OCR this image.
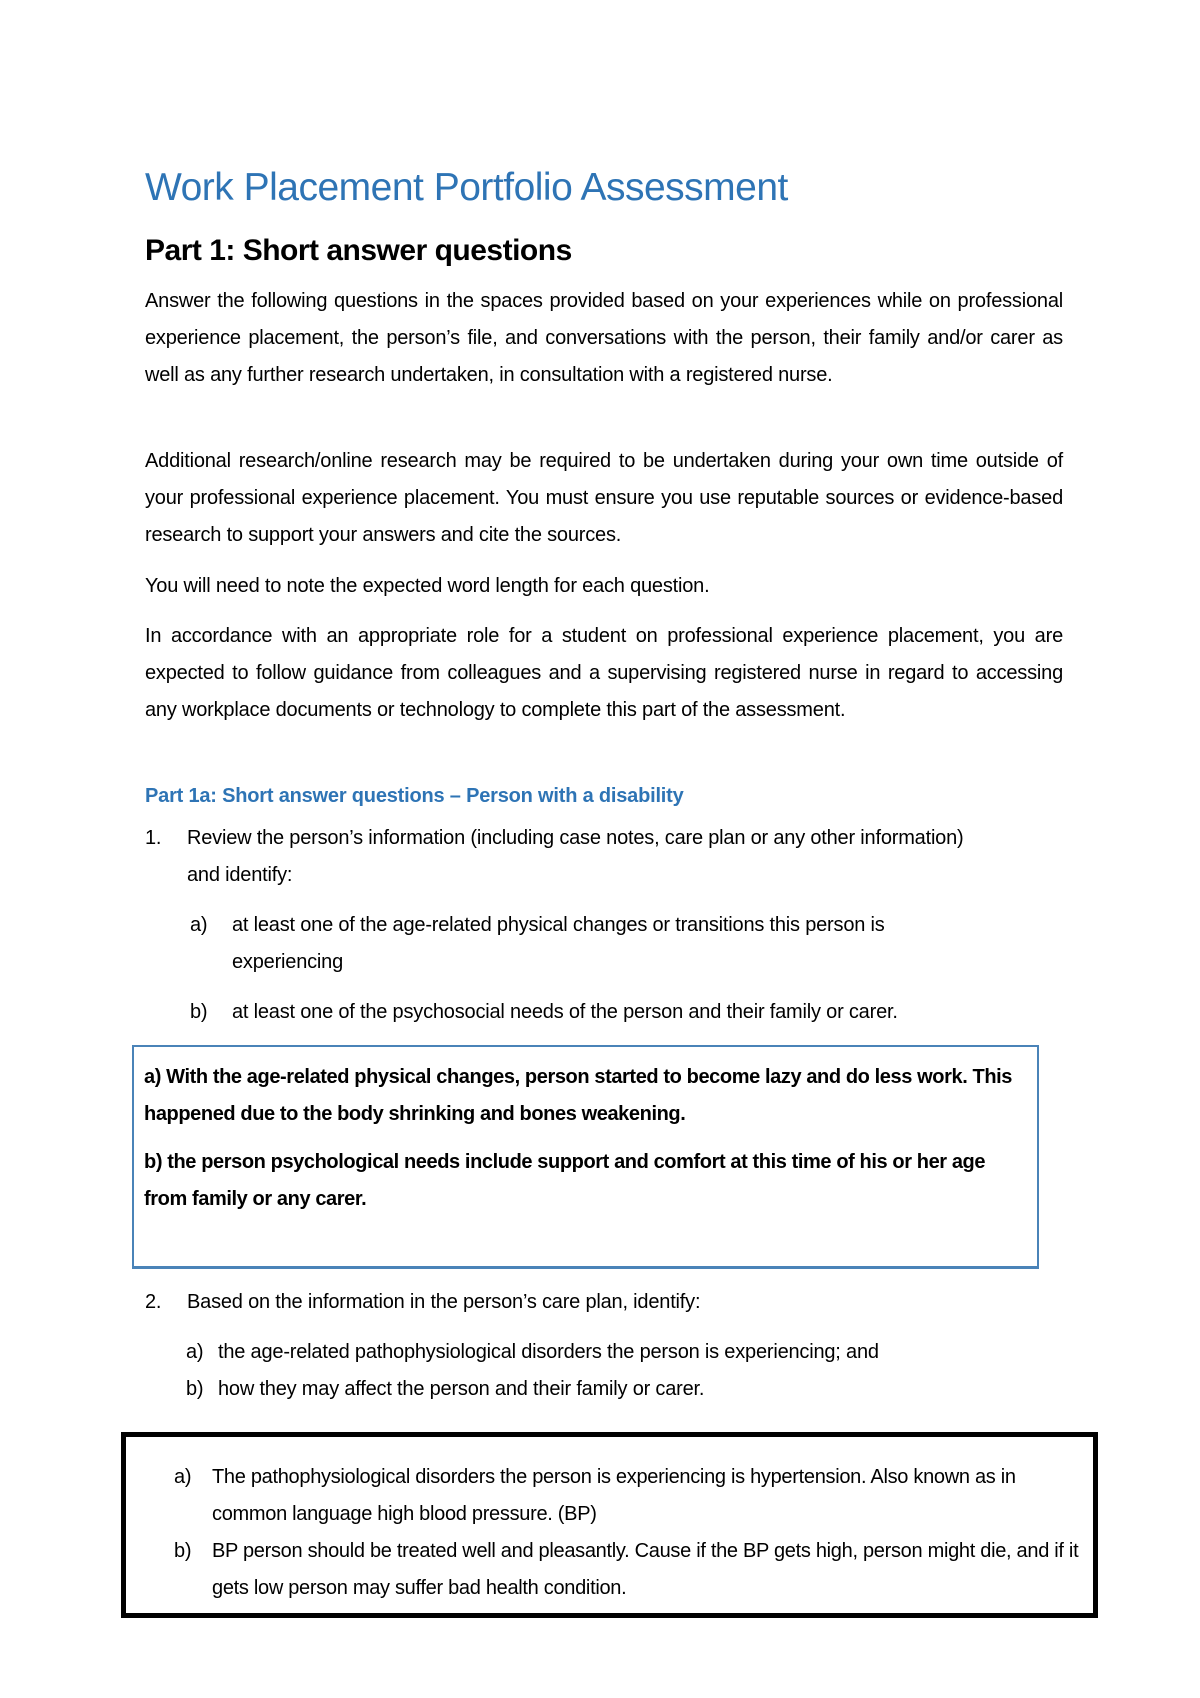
Work Placement Portfolio Assessment
Part 1: Short answer questions
Answer the following questions in the spaces provided based on your experiences while on professional experience placement, the person’s file, and conversations with the person, their family and/or carer as well as any further research undertaken, in consultation with a registered nurse.
Additional research/online research may be required to be undertaken during your own time outside of your professional experience placement. You must ensure you use reputable sources or evidence-based research to support your answers and cite the sources.
You will need to note the expected word length for each question.
In accordance with an appropriate role for a student on professional experience placement, you are expected to follow guidance from colleagues and a supervising registered nurse in regard to accessing any workplace documents or technology to complete this part of the assessment.
Part 1a: Short answer questions – Person with a disability
1.	Review the person’s information (including case notes, care plan or any other information) and identify:
a)	at least one of the age-related physical changes or transitions this person is experiencing
b)	at least one of the psychosocial needs of the person and their family or carer.
a) With the age-related physical changes, person started to become lazy and do less work. This happened due to the body shrinking and bones weakening.
b) the person psychological needs include support and comfort at this time of his or her age from family or any carer.
2.	Based on the information in the person’s care plan, identify:
a) the age-related pathophysiological disorders the person is experiencing; and
b) how they may affect the person and their family or carer.
a)	The pathophysiological disorders the person is experiencing is hypertension. Also known as in common language high blood pressure. (BP)
b)	BP person should be treated well and pleasantly. Cause if the BP gets high, person might die, and if it gets low person may suffer bad health condition.
